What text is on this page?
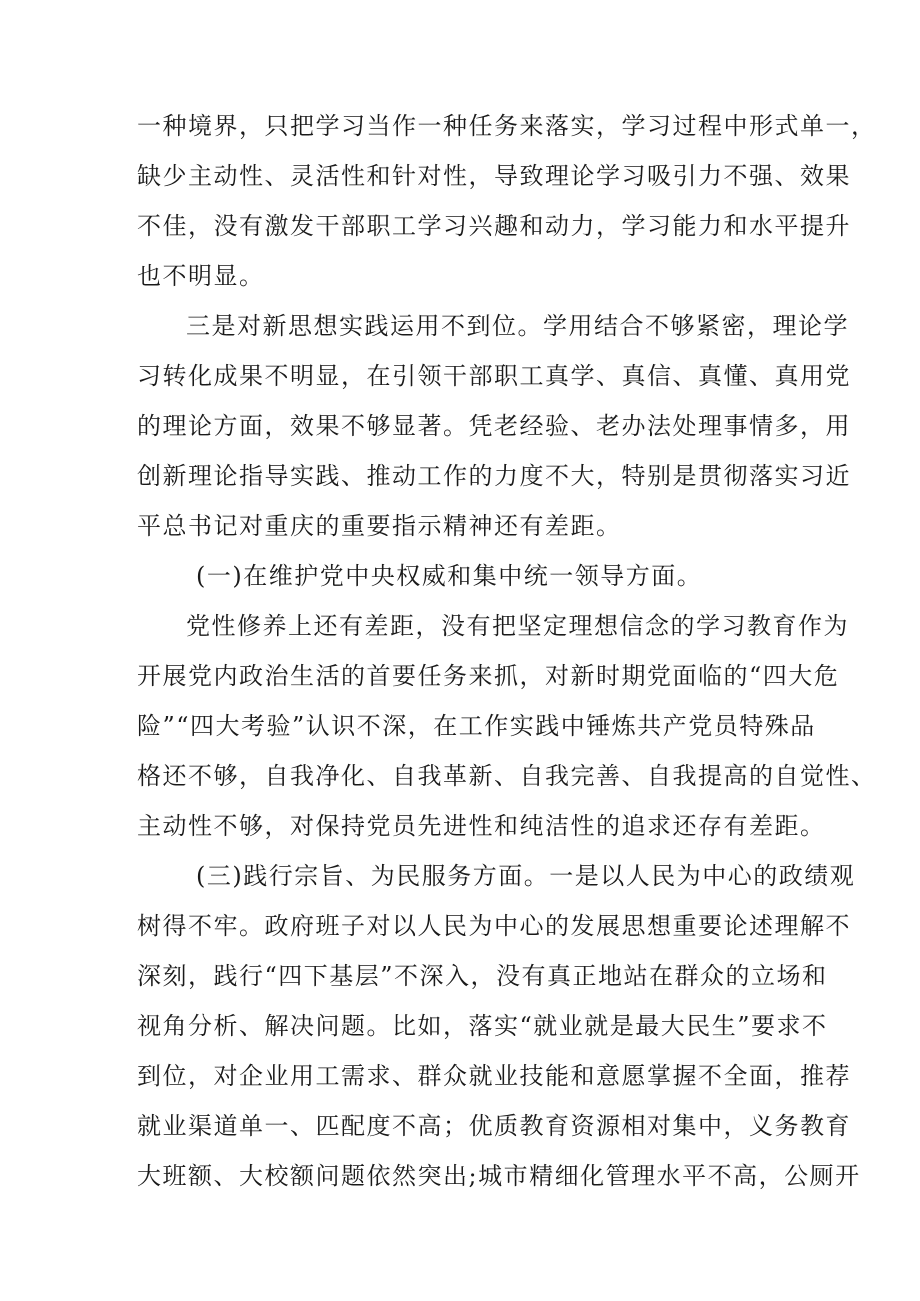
一种境界，只把学习当作一种任务来落实，学习过程中形式单一，
缺少主动性、灵活性和针对性，导致理论学习吸引力不强、效果
不佳，没有激发干部职工学习兴趣和动力，学习能力和水平提升
也不明显。
三是对新思想实践运用不到位。学用结合不够紧密，理论学
习转化成果不明显，在引领干部职工真学、真信、真懂、真用党
的理论方面，效果不够显著。凭老经验、老办法处理事情多，用
创新理论指导实践、推动工作的力度不大，特别是贯彻落实习近
平总书记对重庆的重要指示精神还有差距。
(一)在维护党中央权威和集中统一领导方面。
党性修养上还有差距，没有把坚定理想信念的学习教育作为
开展党内政治生活的首要任务来抓，对新时期党面临的“四大危
险”“四大考验”认识不深，在工作实践中锤炼共产党员特殊品
格还不够，自我净化、自我革新、自我完善、自我提高的自觉性、
主动性不够，对保持党员先进性和纯洁性的追求还存有差距。
(三)践行宗旨、为民服务方面。一是以人民为中心的政绩观
树得不牢。政府班子对以人民为中心的发展思想重要论述理解不
深刻，践行“四下基层”不深入，没有真正地站在群众的立场和
视角分析、解决问题。比如，落实“就业就是最大民生”要求不
到位，对企业用工需求、群众就业技能和意愿掌握不全面，推荐
就业渠道单一、匹配度不高；优质教育资源相对集中，义务教育
大班额、大校额问题依然突出;城市精细化管理水平不高，公厕开
